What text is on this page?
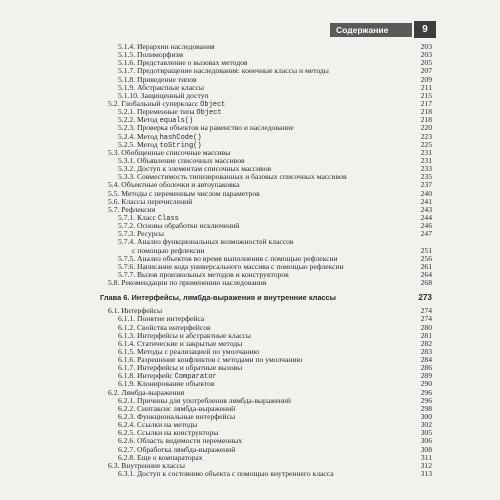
Содержание	9
5.1.4. Иерархии наследования	203
5.1.5. Полиморфизм	203
5.1.6. Представление о вызовах методов	205
5.1.7. Предотвращение наследования: конечные классы и методы	207
5.1.8. Приведение типов	209
5.1.9. Абстрактные классы	211
5.1.10. Защищенный доступ	215
5.2. Глобальный суперкласс Object	217
5.2.1. Переменные типа Object	218
5.2.2. Метод equals()	218
5.2.3. Проверка объектов на равенство и наследование	220
5.2.4. Метод hashCode()	223
5.2.5. Метод toString()	225
5.3. Обобщенные списочные массивы	231
5.3.1. Объявление списочных массивов	231
5.3.2. Доступ к элементам списочных массивов	233
5.3.3. Совместимость типизированных и базовых списочных массивов	235
5.4. Объектные оболочки и автоупаковка	237
5.5. Методы с переменным числом параметров	240
5.6. Классы перечислений	241
5.7. Рефлексия	243
5.7.1. Класс Class	244
5.7.2. Основы обработки исключений	246
5.7.3. Ресурсы	247
5.7.4. Анализ функциональных возможностей классов
с помощью рефлексии	251
5.7.5. Анализ объектов во время выполнения с помощью рефлексии	256
5.7.6. Написание кода универсального массива с помощью рефлексии	261
5.7.7. Вызов произвольных методов и конструкторов	264
5.8. Рекомендации по применению наследования	268
Глава 6. Интерфейсы, лямбда-выражения и внутренние классы	273
6.1. Интерфейсы	274
6.1.1. Понятие интерфейса	274
6.1.2. Свойства интерфейсов	280
6.1.3. Интерфейсы и абстрактные классы	281
6.1.4. Статические и закрытые методы	282
6.1.5. Методы с реализацией по умолчанию	283
6.1.6. Разрешение конфликтов с методами по умолчанию	284
6.1.7. Интерфейсы и обратные вызовы	286
6.1.8. Интерфейс Comparator	289
6.1.9. Клонирование объектов	290
6.2. Лямбда-выражения	296
6.2.1. Причины для употребления лямбда-выражений	296
6.2.2. Синтаксис лямбда-выражений	298
6.2.3. Функциональные интерфейсы	300
6.2.4. Ссылки на методы	302
6.2.5. Ссылки на конструкторы	305
6.2.6. Область видимости переменных	306
6.2.7. Обработка лямбда-выражений	308
6.2.8. Еще о компараторах	311
6.3. Внутренние классы	312
6.3.1. Доступ к состоянию объекта с помощью внутреннего класса	313
